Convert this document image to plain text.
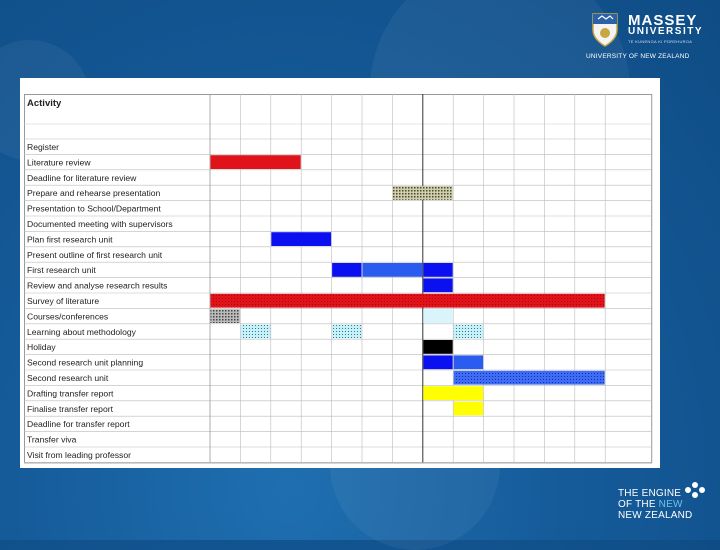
MASSEY
UNIVERSITY
TE KUNENGA KI PŪREHUROA
UNIVERSITY OF NEW ZEALAND
Activity
Register
Literature review
Deadline for literature review
Prepare and rehearse presentation
Presentation to School/Department
Documented meeting with supervisors
Plan first research unit
Present outline of first research unit
First research unit
Review and analyse research results
Survey of literature
Courses/conferences
Learning about methodology
Holiday
Second research unit planning
Second research unit
Drafting transfer report
Finalise transfer report
Deadline for transfer report
Transfer viva
Visit from leading professor
THE ENGINE
OF THE NEW
NEW ZEALAND
